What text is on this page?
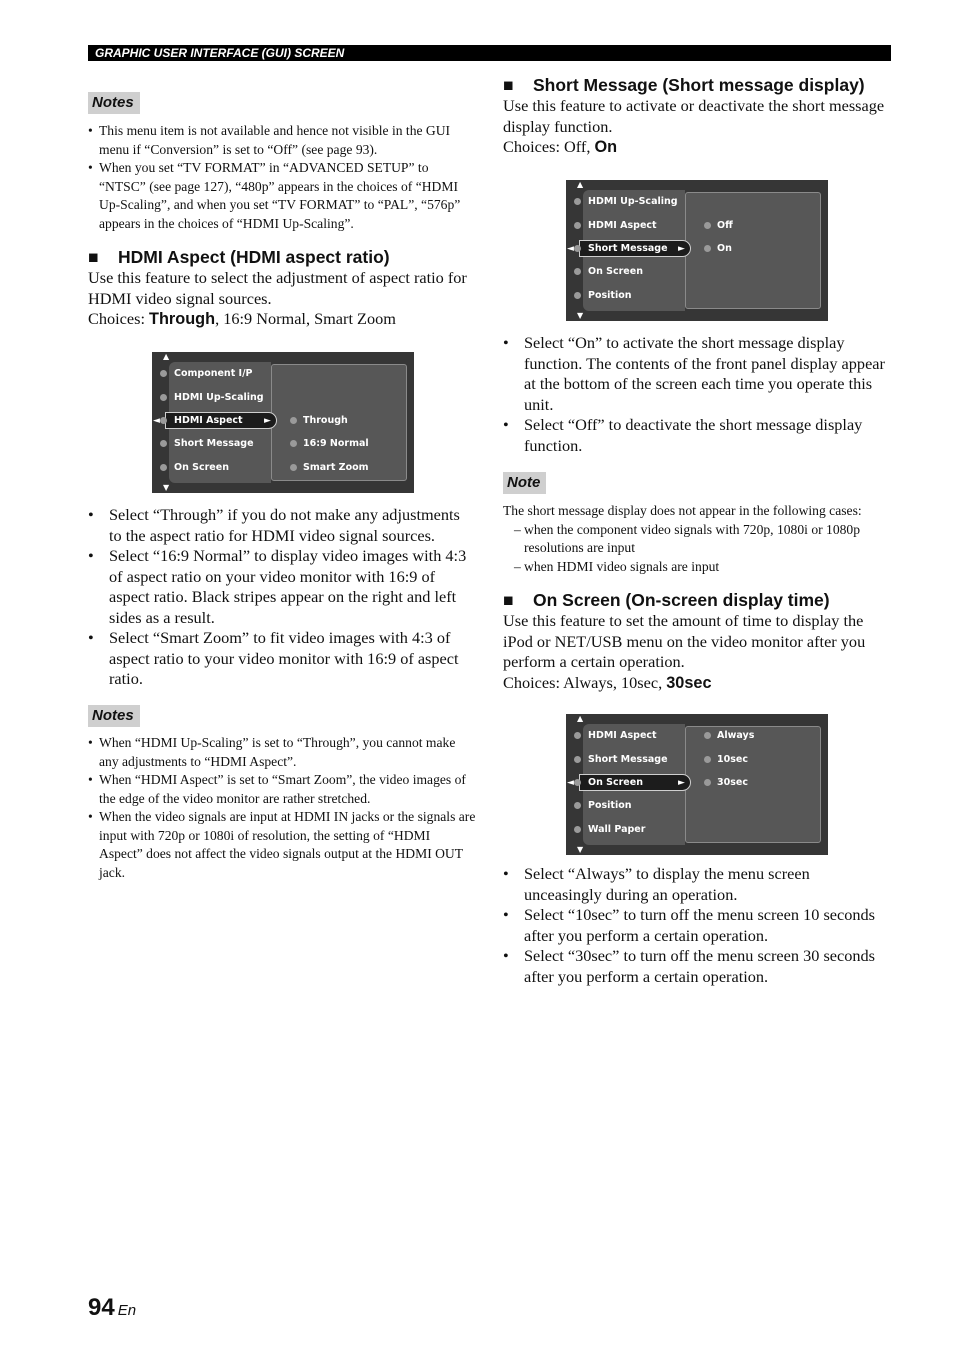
GRAPHIC USER INTERFACE (GUI) SCREEN
Notes
• This menu item is not available and hence not visible in the GUI menu if “Conversion” is set to “Off” (see page 93).
• When you set “TV FORMAT” in “ADVANCED SETUP” to “NTSC” (see page 127), “480p” appears in the choices of “HDMI Up-Scaling”, and when you set “TV FORMAT” to “PAL”, “576p” appears in the choices of “HDMI Up-Scaling”.

■ HDMI Aspect (HDMI aspect ratio)

Use this feature to select the adjustment of aspect ratio for HDMI video signal sources.

Choices: Through, 16:9 Normal, Smart Zoom

▲
▼
◄	►
Component I/P
HDMI Up-Scaling
HDMI Aspect
Short Message
On Screen
Through
16:9 Normal
Smart Zoom
• Select “Through” if you do not make any adjustments to the aspect ratio for HDMI video signal sources.
• Select “16:9 Normal” to display video images with 4:3 of aspect ratio on your video monitor with 16:9 of aspect ratio. Black stripes appear on the right and left sides as a result.
• Select “Smart Zoom” to fit video images with 4:3 of aspect ratio to your video monitor with 16:9 of aspect ratio.
Notes
• When “HDMI Up-Scaling” is set to “Through”, you cannot make any adjustments to “HDMI Aspect”.
• When “HDMI Aspect” is set to “Smart Zoom”, the video images of the edge of the video monitor are rather stretched.
• When the video signals are input at HDMI IN jacks or the signals are input with 720p or 1080i of resolution, the setting of “HDMI Aspect” does not affect the video signals output at the HDMI OUT jack.

■ Short Message (Short message display)

Use this feature to activate or deactivate the short message display function.

Choices: Off, On

▲
▼
◄	►
HDMI Up-Scaling
HDMI Aspect
Short Message
On Screen
Position
Off
On
• Select “On” to activate the short message display function. The contents of the front panel display appear at the bottom of the screen each time you operate this unit.
• Select “Off” to deactivate the short message display function.
Note

The short message display does not appear in the following cases:

– when the component video signals with 720p, 1080i or 1080p resolutions are input
– when HDMI video signals are input

■ On Screen (On-screen display time)

Use this feature to set the amount of time to display the iPod or NET/USB menu on the video monitor after you perform a certain operation.

Choices: Always, 10sec, 30sec

▲
▼
◄	►
HDMI Aspect
Short Message
On Screen
Position
Wall Paper
Always
10sec
30sec
• Select “Always” to display the menu screen unceasingly during an operation.
• Select “10sec” to turn off the menu screen 10 seconds after you perform a certain operation.
• Select “30sec” to turn off the menu screen 30 seconds after you perform a certain operation.
94 En
